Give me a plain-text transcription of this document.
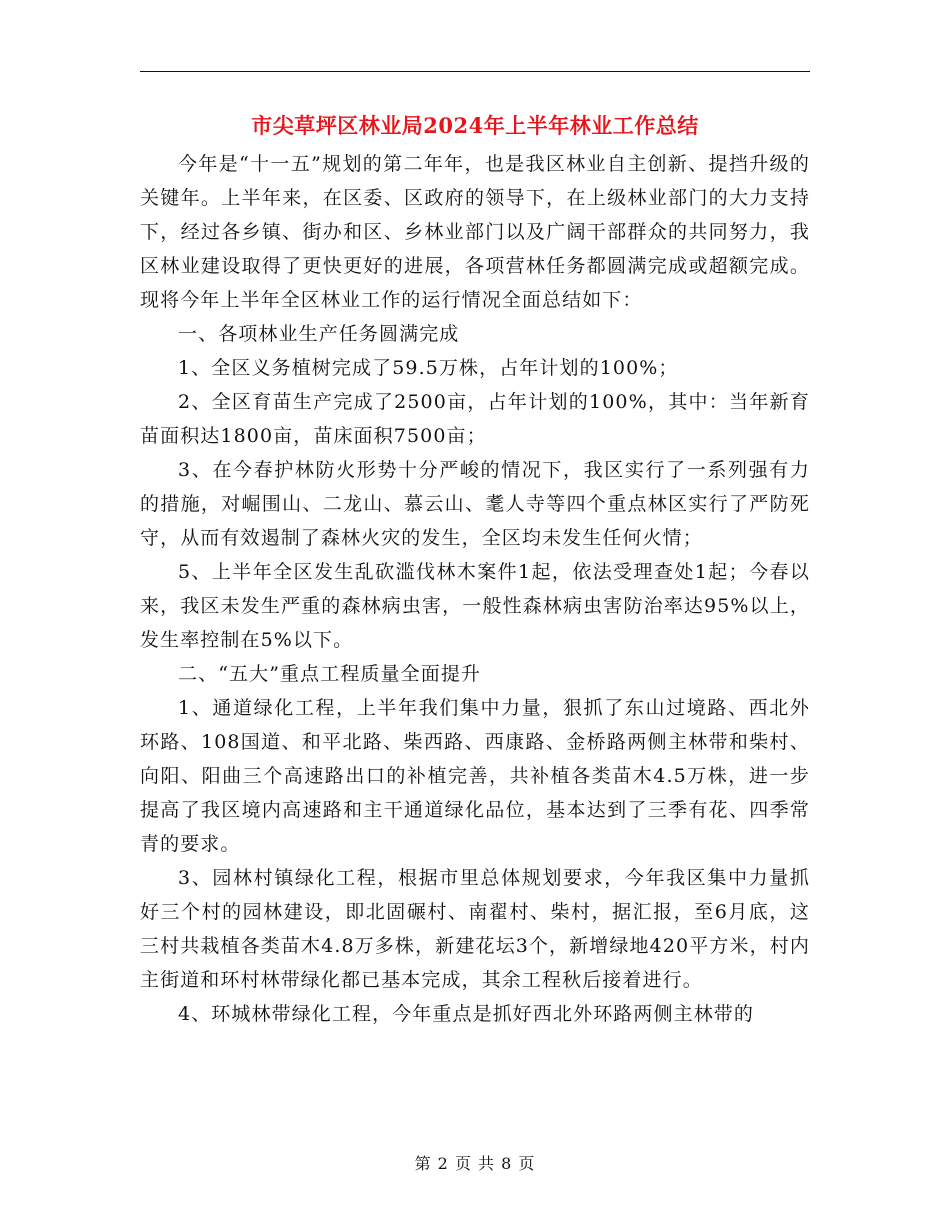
市尖草坪区林业局2024年上半年林业工作总结

今年是“十一五”规划的第二年年，也是我区林业自主创新、提挡升级的关键年。上半年来，在区委、区政府的领导下，在上级林业部门的大力支持下，经过各乡镇、街办和区、乡林业部门以及广阔干部群众的共同努力，我区林业建设取得了更快更好的进展，各项营林任务都圆满完成或超额完成。现将今年上半年全区林业工作的运行情况全面总结如下：

一、各项林业生产任务圆满完成

1、全区义务植树完成了59.5万株，占年计划的100%；

2、全区育苗生产完成了2500亩，占年计划的100%，其中：当年新育苗面积达1800亩，苗床面积7500亩；

3、在今春护林防火形势十分严峻的情况下，我区实行了一系列强有力的措施，对崛围山、二龙山、慕云山、耄人寺等四个重点林区实行了严防死守，从而有效遏制了森林火灾的发生，全区均未发生任何火情；

5、上半年全区发生乱砍滥伐林木案件1起，依法受理查处1起；今春以来，我区未发生严重的森林病虫害，一般性森林病虫害防治率达95%以上，发生率控制在5%以下。

二、“五大”重点工程质量全面提升

1、通道绿化工程，上半年我们集中力量，狠抓了东山过境路、西北外环路、108国道、和平北路、柴西路、西康路、金桥路两侧主林带和柴村、向阳、阳曲三个高速路出口的补植完善，共补植各类苗木4.5万株，进一步提高了我区境内高速路和主干通道绿化品位，基本达到了三季有花、四季常青的要求。

3、园林村镇绿化工程，根据市里总体规划要求，今年我区集中力量抓好三个村的园林建设，即北固碾村、南翟村、柴村，据汇报，至6月底，这三村共栽植各类苗木4.8万多株，新建花坛3个，新增绿地420平方米，村内主街道和环村林带绿化都已基本完成，其余工程秋后接着进行。

4、环城林带绿化工程，今年重点是抓好西北外环路两侧主林带的

第 2 页 共 8 页
